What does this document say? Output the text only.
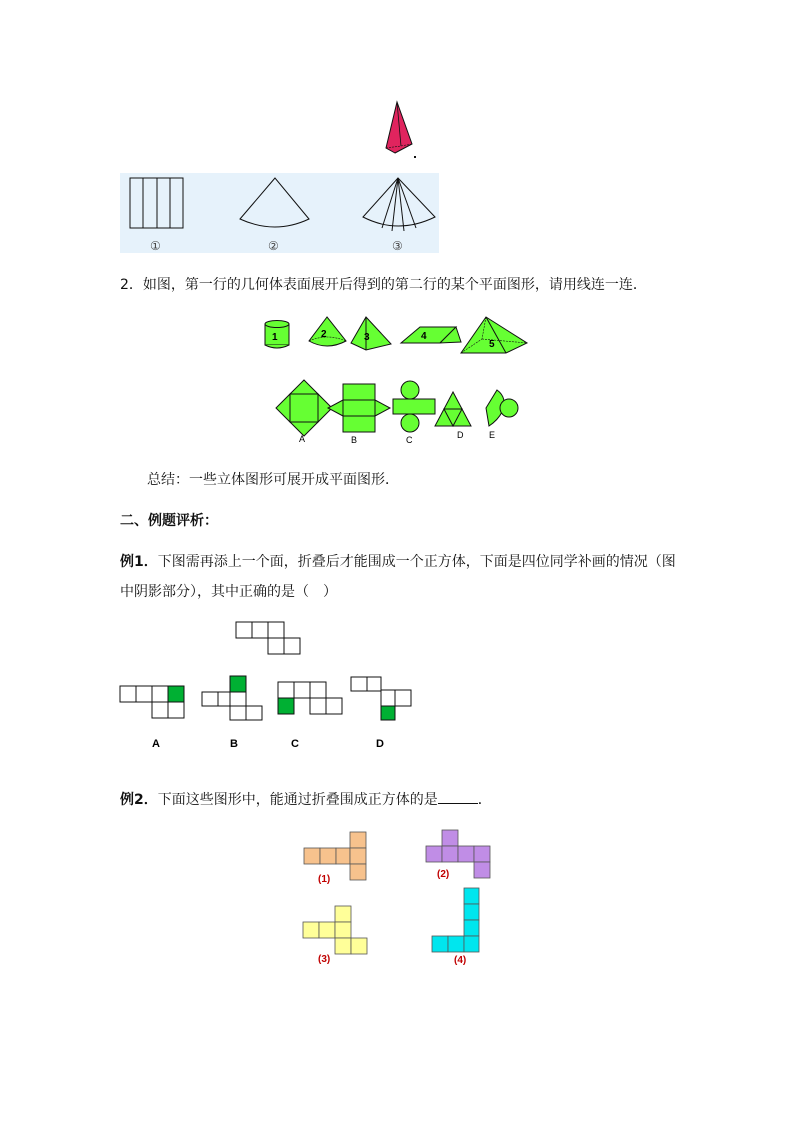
①	②	③
2．如图，第一行的几何体表面展开后得到的第二行的某个平面图形，请用线连一连．
1	2	3	4
5
A	B	C	D	E
总结：一些立体图形可展开成平面图形．
二、例题评析：
例1．下图需再添上一个面，折叠后才能围成一个正方体，下面是四位同学补画的情况（图
中阴影部分），其中正确的是（　）
A	B	C	D
例2．下面这些图形中，能通过折叠围成正方体的是	．
(1)	(2)
(3)	(4)
